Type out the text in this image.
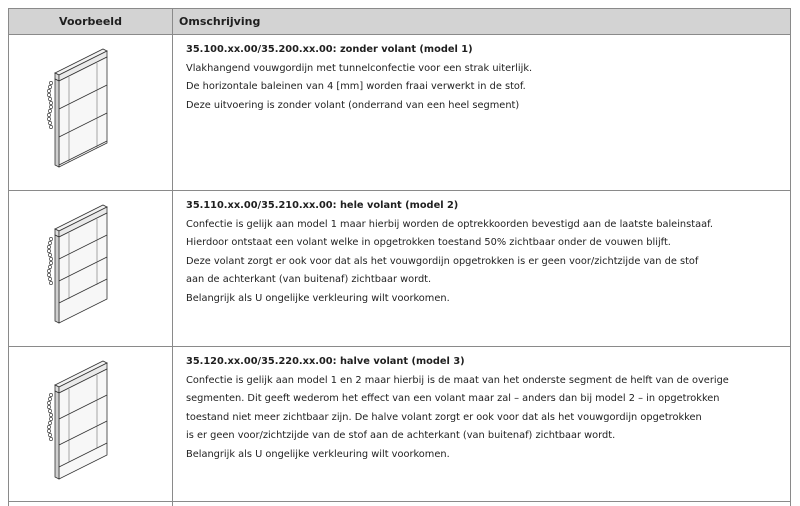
Voorbeeld	Omschrijving
35.100.xx.00/35.200.xx.00: zonder volant (model 1)
Vlakhangend vouwgordijn met tunnelconfectie voor een strak uiterlijk.
De horizontale baleinen van 4 [mm] worden fraai verwerkt in de stof.
Deze uitvoering is zonder volant (onderrand van een heel segment)
35.110.xx.00/35.210.xx.00: hele volant (model 2)
Confectie is gelijk aan model 1 maar hierbij worden de optrekkoorden bevestigd aan de laatste baleinstaaf.
Hierdoor ontstaat een volant welke in opgetrokken toestand 50% zichtbaar onder de vouwen blijft.
Deze volant zorgt er ook voor dat als het vouwgordijn opgetrokken is er geen voor/zichtzijde van de stof
aan de achterkant (van buitenaf) zichtbaar wordt.
Belangrijk als U ongelijke verkleuring wilt voorkomen.
35.120.xx.00/35.220.xx.00: halve volant (model 3)
Confectie is gelijk aan model 1 en 2 maar hierbij is de maat van het onderste segment de helft van de overige
segmenten. Dit geeft wederom het effect van een volant maar zal – anders dan bij model 2 – in opgetrokken
toestand niet meer zichtbaar zijn. De halve volant zorgt er ook voor dat als het vouwgordijn opgetrokken
is er geen voor/zichtzijde van de stof aan de achterkant (van buitenaf) zichtbaar wordt.
Belangrijk als U ongelijke verkleuring wilt voorkomen.
